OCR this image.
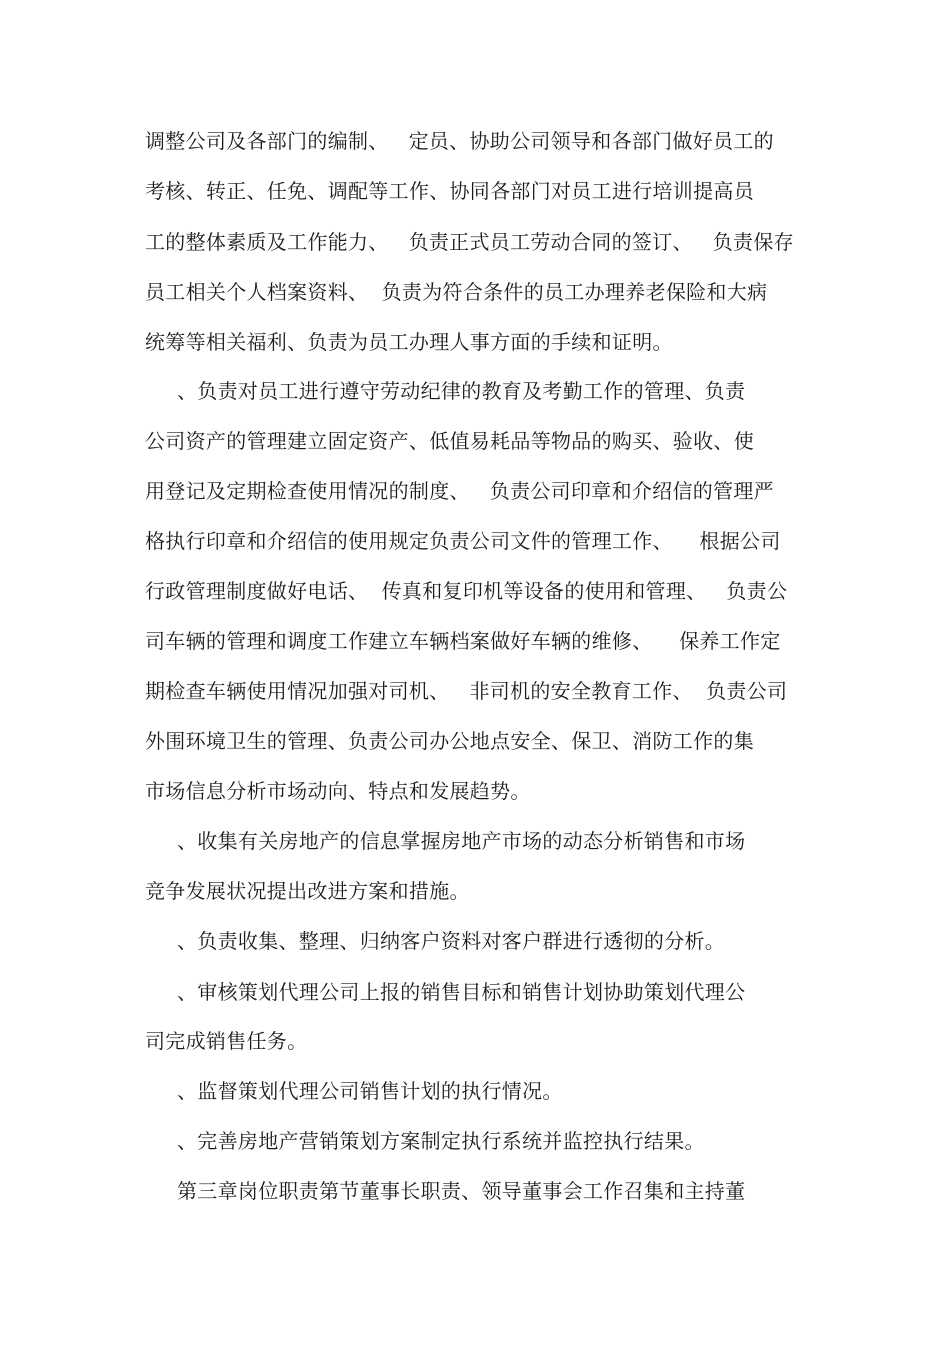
调整公司及各部门的编制、   定员、协助公司领导和各部门做好员工的
考核、转正、任免、调配等工作、协同各部门对员工进行培训提高员
工的整体素质及工作能力、   负责正式员工劳动合同的签订、   负责保存
员工相关个人档案资料、  负责为符合条件的员工办理养老保险和大病
统筹等相关福利、负责为员工办理人事方面的手续和证明。
、负责对员工进行遵守劳动纪律的教育及考勤工作的管理、负责
公司资产的管理建立固定资产、低值易耗品等物品的购买、验收、使
用登记及定期检查使用情况的制度、   负责公司印章和介绍信的管理严
格执行印章和介绍信的使用规定负责公司文件的管理工作、    根据公司
行政管理制度做好电话、  传真和复印机等设备的使用和管理、   负责公
司车辆的管理和调度工作建立车辆档案做好车辆的维修、    保养工作定
期检查车辆使用情况加强对司机、   非司机的安全教育工作、  负责公司
外围环境卫生的管理、负责公司办公地点安全、保卫、消防工作的集
市场信息分析市场动向、特点和发展趋势。
、收集有关房地产的信息掌握房地产市场的动态分析销售和市场
竞争发展状况提出改进方案和措施。
、负责收集、整理、归纳客户资料对客户群进行透彻的分析。
、审核策划代理公司上报的销售目标和销售计划协助策划代理公
司完成销售任务。
、监督策划代理公司销售计划的执行情况。
、完善房地产营销策划方案制定执行系统并监控执行结果。
第三章岗位职责第节董事长职责、领导董事会工作召集和主持董
